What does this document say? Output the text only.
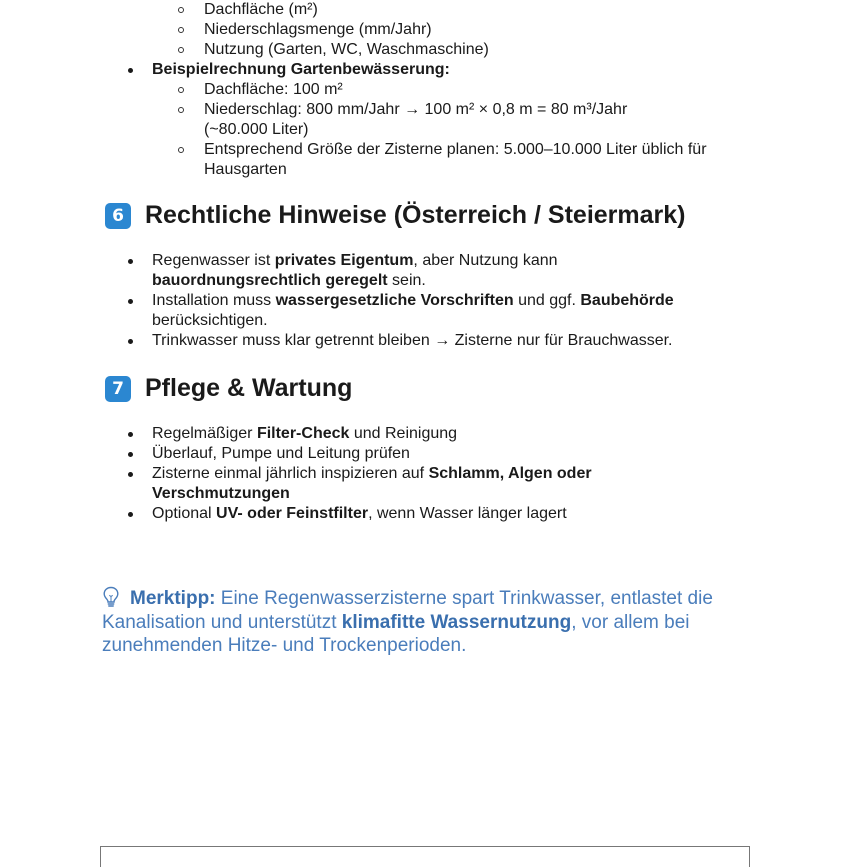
Dachfläche (m²)
Niederschlagsmenge (mm/Jahr)
Nutzung (Garten, WC, Waschmaschine)
Beispielrechnung Gartenbewässerung:
Dachfläche: 100 m²
Niederschlag: 800 mm/Jahr → 100 m² × 0,8 m = 80 m³/Jahr (~80.000 Liter)
Entsprechend Größe der Zisterne planen: 5.000–10.000 Liter üblich für Hausgarten
6 Rechtliche Hinweise (Österreich / Steiermark)
Regenwasser ist privates Eigentum, aber Nutzung kann bauordnungsrechtlich geregelt sein.
Installation muss wassergesetzliche Vorschriften und ggf. Baubehörde berücksichtigen.
Trinkwasser muss klar getrennt bleiben → Zisterne nur für Brauchwasser.
7 Pflege & Wartung
Regelmäßiger Filter-Check und Reinigung
Überlauf, Pumpe und Leitung prüfen
Zisterne einmal jährlich inspizieren auf Schlamm, Algen oder Verschmutzungen
Optional UV- oder Feinstfilter, wenn Wasser länger lagert
Merktipp: Eine Regenwasserzisterne spart Trinkwasser, entlastet die Kanalisation und unterstützt klimafitte Wassernutzung, vor allem bei zunehmenden Hitze- und Trockenperioden.
